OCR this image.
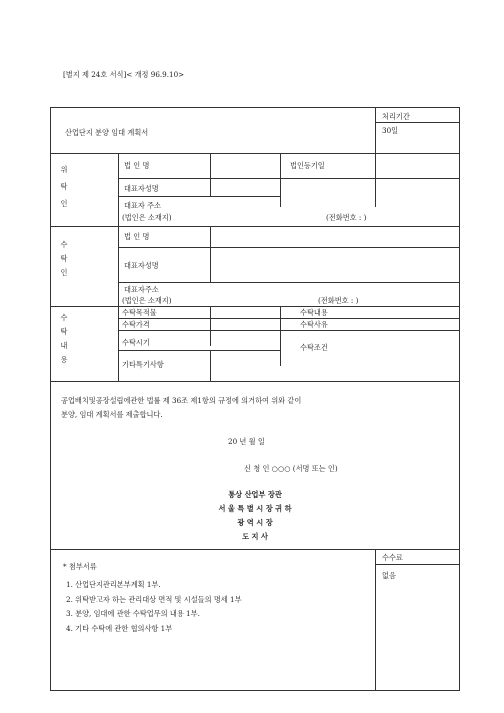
[별지 제 24호 서식]< 개정 96.9.10>
산업단지 분양 임대 계획서
처리기간
30일
위
탁
인
법 인 명	법인등기일
대표자성명
대표자 주소
(법인은 소재지)	(전화번호 : )
수
탁
인
법 인 명
대표자성명
대표자주소
(법인은 소재지)	(전화번호 : )
수
탁
내
용
수탁목적물	수탁내용
수탁가격	수탁사유
수탁시기
수탁조건
기타특기사항
공업배치및공장설립에관한 법률 제 36조 제1항의 규정에 의거하여 위와 같이
분양, 임대 계획서를 제출합니다.
20 년 월 일
신 청 인 ○○○ (서명 또는 인)
통상 산업부 장관
서 울 특 별 시 장 귀 하
광 역 시 장
도 지 사
* 첨부서류
1. 산업단지관리본부계획 1부.
2. 위탁받고자 하는 관리대상 면적 및 시설들의 명세 1부
3. 분양, 임대에 관한 수탁업무의 내용 1부.
4. 기타 수탁에 관한 협의사항 1부
수수료
없음
